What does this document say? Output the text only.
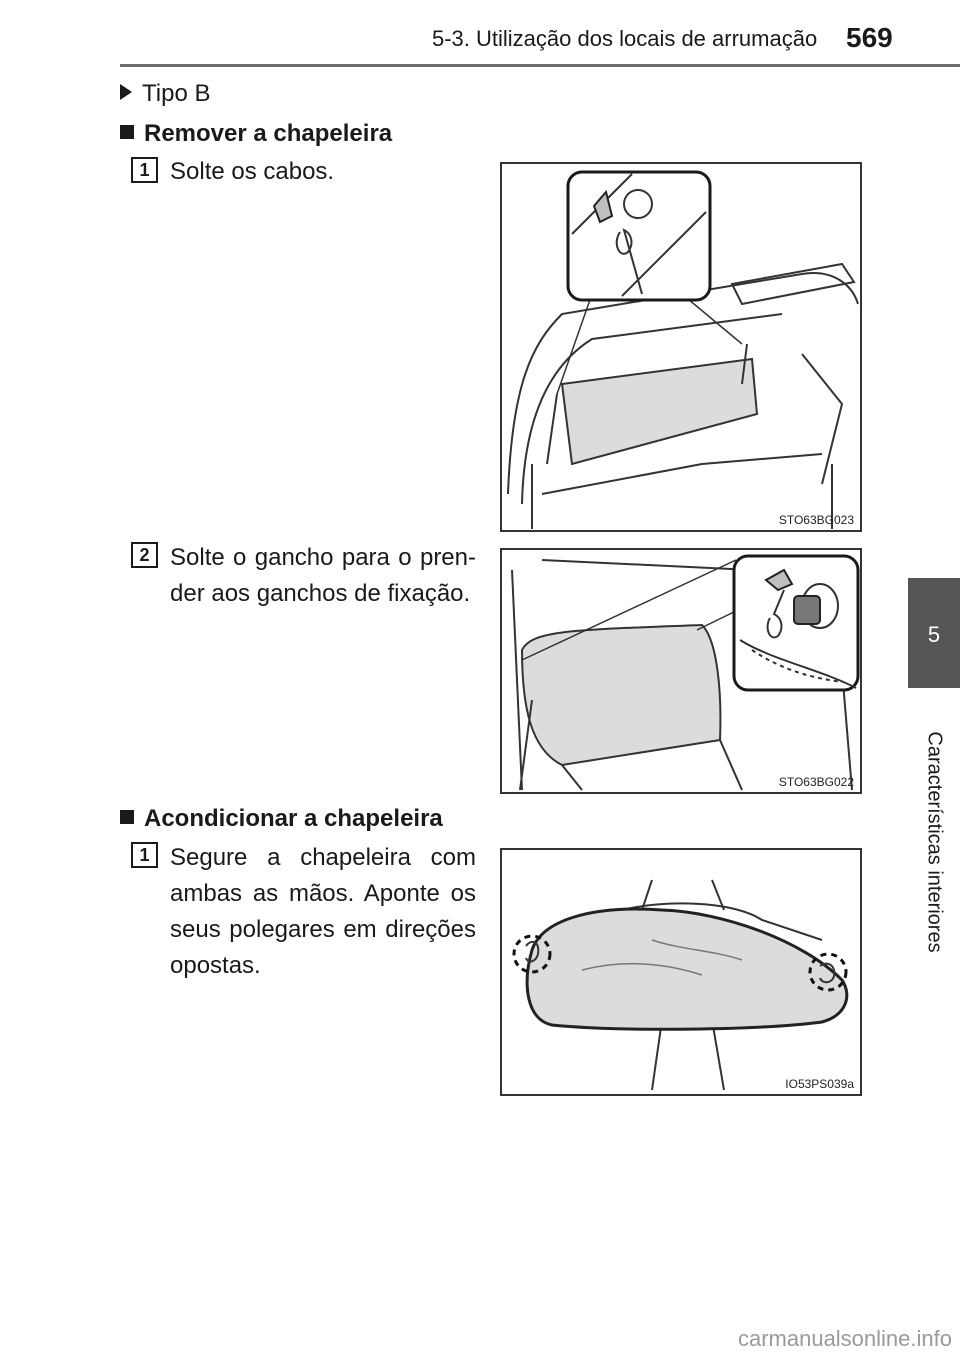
5-3. Utilização dos locais de arrumação 569
5
Características interiores
Tipo B
Remover a chapeleira
1 Solte os cabos.
STO63BG023
2 Solte o gancho para o pren-der aos ganchos de fixação.
STO63BG022
Acondicionar a chapeleira
1 Segure a chapeleira com ambas as mãos. Aponte os seus polegares em direções opostas.
IO53PS039a
carmanualsonline.info
